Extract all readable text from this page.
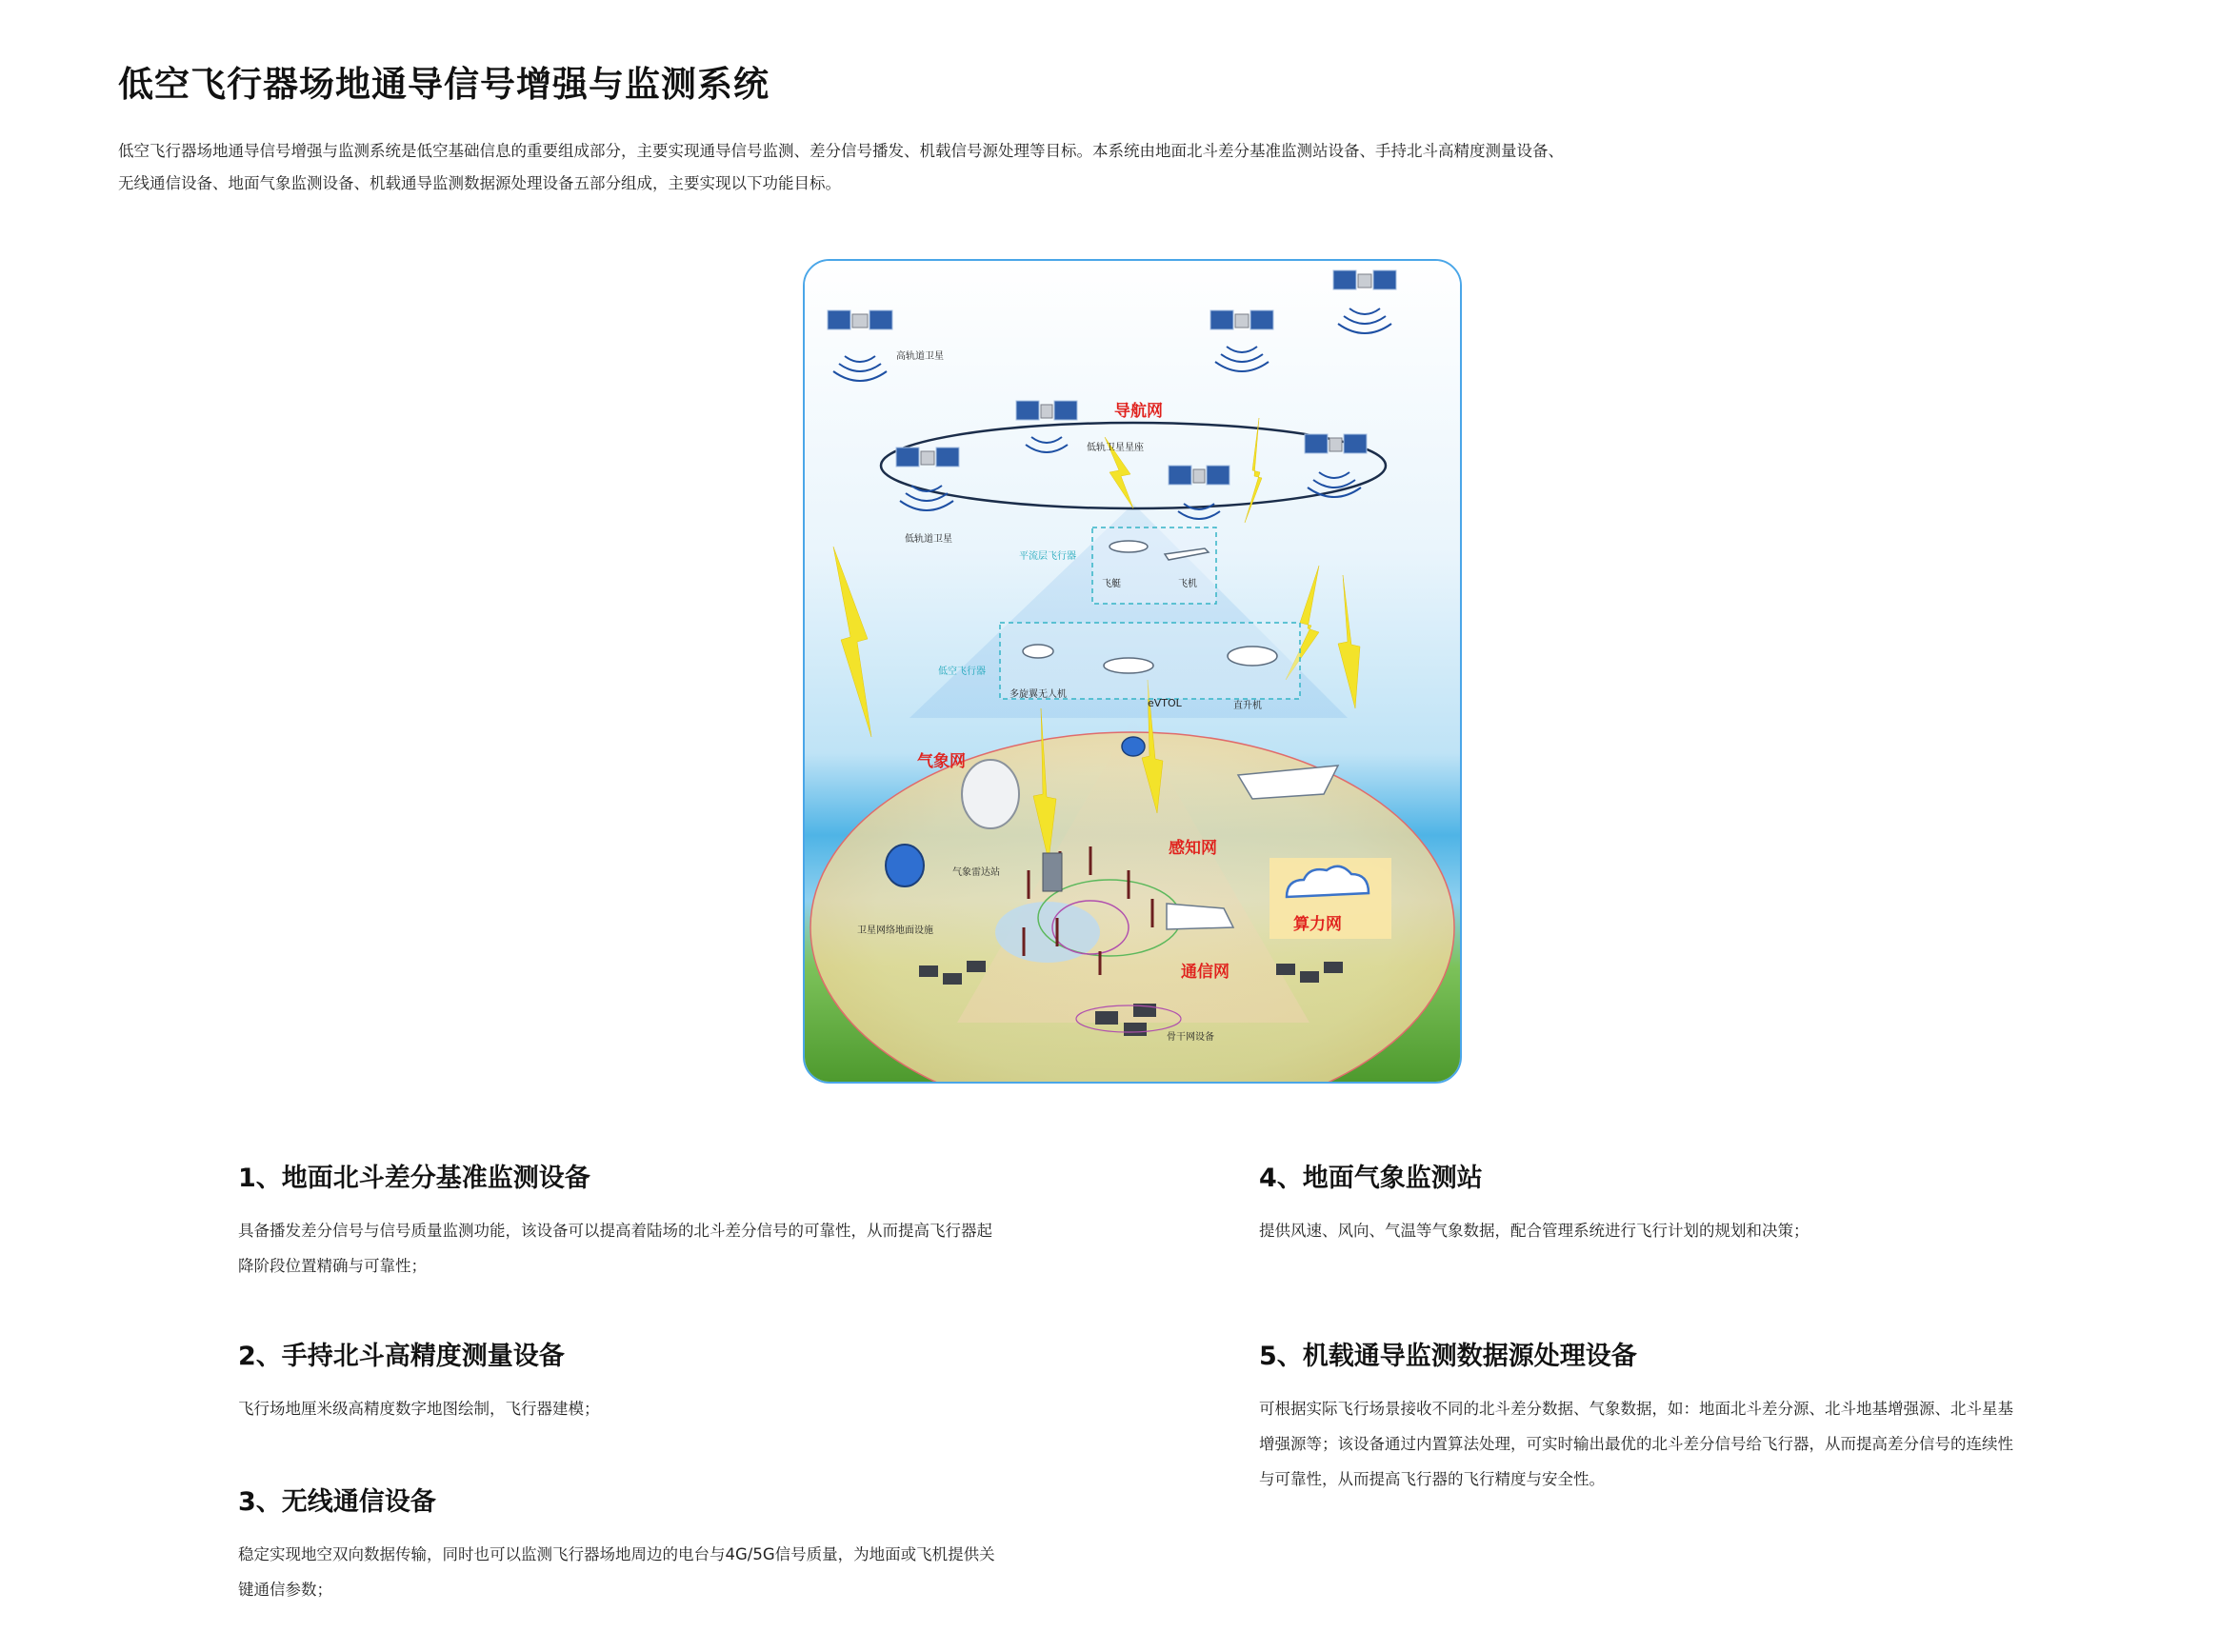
低空飞行器场地通导信号增强与监测系统
低空飞行器场地通导信号增强与监测系统是低空基础信息的重要组成部分，主要实现通导信号监测、差分信号播发、机载信号源处理等目标。本系统由地面北斗差分基准监测站设备、手持北斗高精度测量设备、无线通信设备、地面气象监测设备、机载通导监测数据源处理设备五部分组成，主要实现以下功能目标。
高轨道卫星
导航网
低轨卫星星座
低轨道卫星
平流层飞行器
飞艇	飞机
低空飞行器
多旋翼无人机
eVTOL	直升机
气象网
气象雷达站
感知网
算力网
卫星网络地面设施
通信网
骨干网设备
1、地面北斗差分基准监测设备
具备播发差分信号与信号质量监测功能，该设备可以提高着陆场的北斗差分信号的可靠性，从而提高飞行器起降阶段位置精确与可靠性；
2、手持北斗高精度测量设备
飞行场地厘米级高精度数字地图绘制，飞行器建模；
3、无线通信设备
稳定实现地空双向数据传输，同时也可以监测飞行器场地周边的电台与4G/5G信号质量，为地面或飞机提供关键通信参数；
4、地面气象监测站
提供风速、风向、气温等气象数据，配合管理系统进行飞行计划的规划和决策；
5、机载通导监测数据源处理设备
可根据实际飞行场景接收不同的北斗差分数据、气象数据，如：地面北斗差分源、北斗地基增强源、北斗星基增强源等；该设备通过内置算法处理，可实时输出最优的北斗差分信号给飞行器，从而提高差分信号的连续性与可靠性，从而提高飞行器的飞行精度与安全性。
